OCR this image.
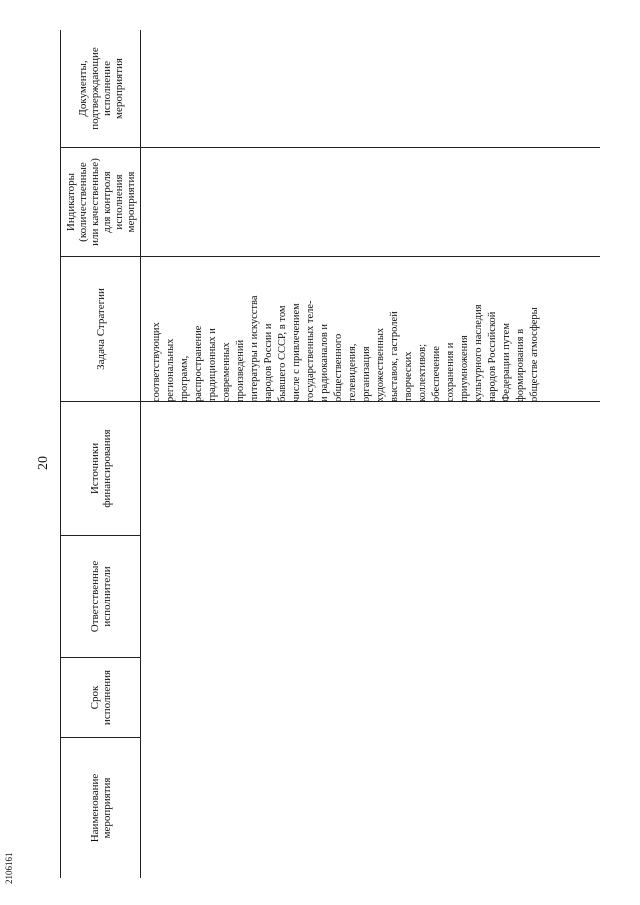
20
2106161
Наименование мероприятия
Срок исполнения
Ответственные исполнители
Источники финансирования
Задача Стратегии
Индикаторы (количественные или качественные) для контроля исполнения мероприятия
Документы, подтверждающие исполнение мероприятия
соответствующих региональных программ, распространение традиционных и современных произведений литературы и искусства народов России и бывшего СССР, в том числе с привлечением государственных теле- и радиоканалов и общественного телевидения, организация художественных выставок, гастролей творческих коллективов; обеспечение сохранения и приумножения культурного наследия народов Российской Федерации путем формирования в обществе атмосферы
